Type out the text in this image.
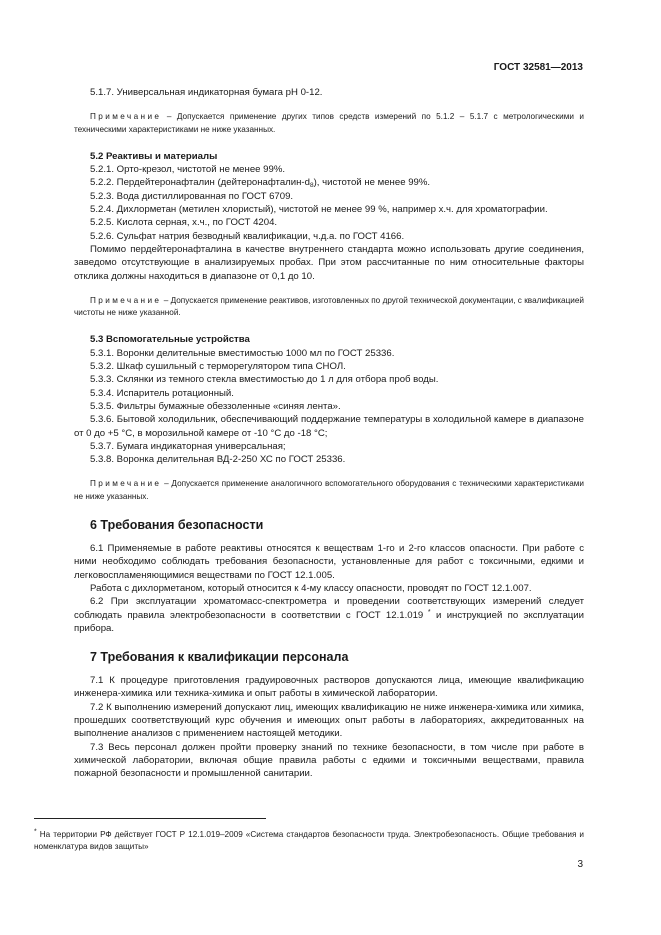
ГОСТ 32581—2013

5.1.7. Универсальная индикаторная бумага рН 0-12.

Примечание – Допускается применение других типов средств измерений по 5.1.2 – 5.1.7 с метрологическими и техническими характеристиками не ниже указанных.

5.2 Реактивы и материалы

5.2.1. Орто-крезол, чистотой не менее 99%.

5.2.2. Пердейтеронафталин $(дейтеронафталин-d_8)$, чистотой не менее 99%.

5.2.3. Вода дистиллированная по ГОСТ 6709.

5.2.4. Дихлорметан (метилен хлористый), чистотой не менее 99 %, например х.ч. для хроматографии.

5.2.5. Кислота серная, х.ч., по ГОСТ 4204.

5.2.6. Сульфат натрия безводный квалификации, ч.д.а. по ГОСТ 4166.

Помимо пердейтеронафталина в качестве внутреннего стандарта можно использовать другие соединения, заведомо отсутствующие в анализируемых пробах. При этом рассчитанные по ним относительные факторы отклика должны находиться в диапазоне от 0,1 до 10.

Примечание – Допускается применение реактивов, изготовленных по другой технической документации, с квалификацией чистоты не ниже указанной.

5.3 Вспомогательные устройства

5.3.1. Воронки делительные вместимостью 1000 мл по ГОСТ 25336.

5.3.2. Шкаф сушильный с терморегулятором типа СНОЛ.

5.3.3. Склянки из темного стекла вместимостью до 1 л для отбора проб воды.

5.3.4. Испаритель ротационный.

5.3.5. Фильтры бумажные обеззоленные «синяя лента».

5.3.6. Бытовой холодильник, обеспечивающий поддержание температуры в холодильной камере в диапазоне от 0 до +5 °С, в морозильной камере от -10 °С до -18 °С;

5.3.7. Бумага индикаторная универсальная;

5.3.8. Воронка делительная ВД-2-250 ХС по ГОСТ 25336.

Примечание – Допускается применение аналогичного вспомогательного оборудования с техническими характеристиками не ниже указанных.

6 Требования безопасности

6.1 Применяемые в работе реактивы относятся к веществам 1-го и 2-го классов опасности. При работе с ними необходимо соблюдать требования безопасности, установленные для работ с токсичными, едкими и легковоспламеняющимися веществами по ГОСТ 12.1.005.

Работа с дихлорметаном, который относится к 4-му классу опасности, проводят по ГОСТ 12.1.007.

6.2 При эксплуатации хроматомасс-спектрометра и проведении соответствующих измерений следует соблюдать правила электробезопасности в соответствии с ГОСТ 12.1.019 * и инструкцией по эксплуатации прибора.

7 Требования к квалификации персонала

7.1 К процедуре приготовления градуировочных растворов допускаются лица, имеющие квалификацию инженера-химика или техника-химика и опыт работы в химической лаборатории.

7.2 К выполнению измерений допускают лиц, имеющих квалификацию не ниже инженера-химика или химика, прошедших соответствующий курс обучения и имеющих опыт работы в лабораториях, аккредитованных на выполнение анализов с применением настоящей методики.

7.3 Весь персонал должен пройти проверку знаний по технике безопасности, в том числе при работе в химической лаборатории, включая общие правила работы с едкими и токсичными веществами, правила пожарной безопасности и промышленной санитарии.

* На территории РФ действует ГОСТ Р 12.1.019–2009 «Система стандартов безопасности труда. Электробезопасность. Общие требования и номенклатура видов защиты»

3
